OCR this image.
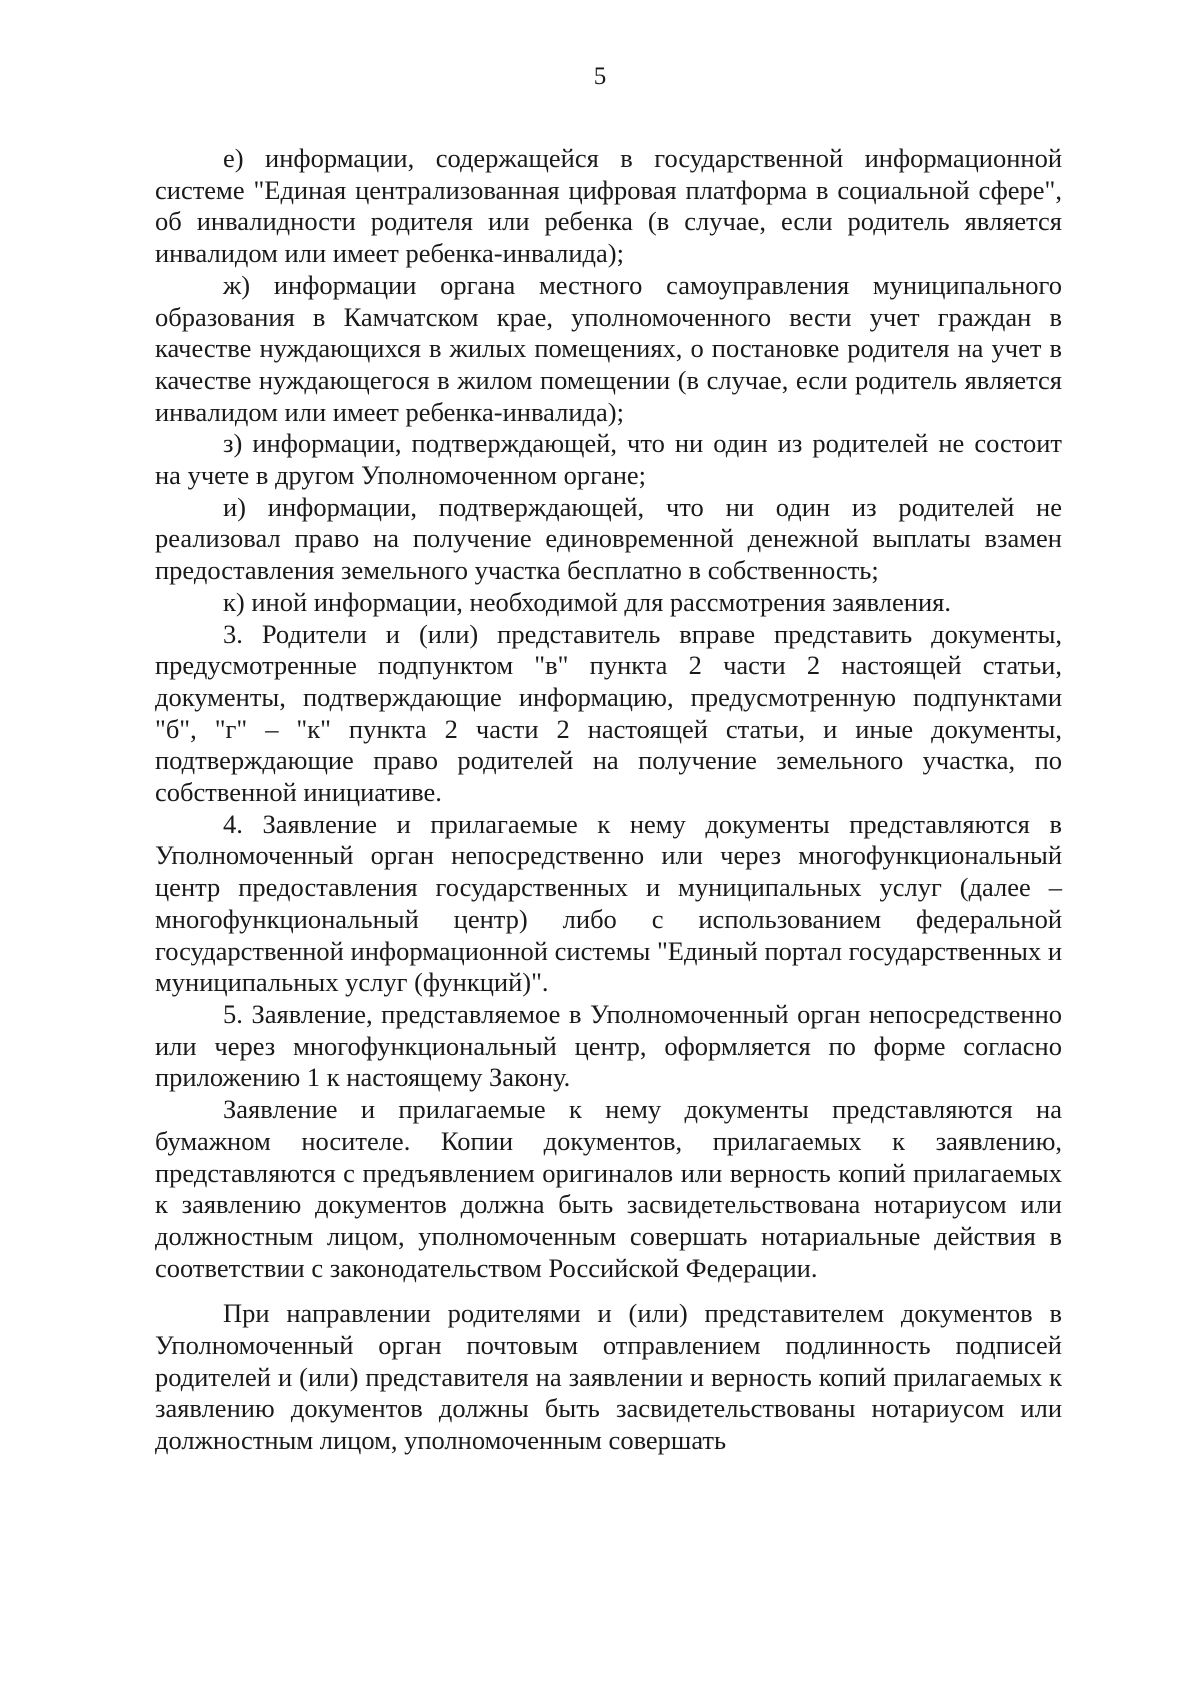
5

е) информации, содержащейся в государственной информационной системе "Единая централизованная цифровая платформа в социальной сфере", об инвалидности родителя или ребенка (в случае, если родитель является инвалидом или имеет ребенка-инвалида);

ж) информации органа местного самоуправления муниципального образования в Камчатском крае, уполномоченного вести учет граждан в качестве нуждающихся в жилых помещениях, о постановке родителя на учет в качестве нуждающегося в жилом помещении (в случае, если родитель является инвалидом или имеет ребенка-инвалида);

з) информации, подтверждающей, что ни один из родителей не состоит на учете в другом Уполномоченном органе;

и) информации, подтверждающей, что ни один из родителей не реализовал право на получение единовременной денежной выплаты взамен предоставления земельного участка бесплатно в собственность;

к) иной информации, необходимой для рассмотрения заявления.

3. Родители и (или) представитель вправе представить документы, предусмотренные подпунктом "в" пункта 2 части 2 настоящей статьи, документы, подтверждающие информацию, предусмотренную подпунктами "б", "г" – "к" пункта 2 части 2 настоящей статьи, и иные документы, подтверждающие право родителей на получение земельного участка, по собственной инициативе.

4. Заявление и прилагаемые к нему документы представляются в Уполномоченный орган непосредственно или через многофункциональный центр предоставления государственных и муниципальных услуг (далее – многофункциональный центр) либо с использованием федеральной государственной информационной системы "Единый портал государственных и муниципальных услуг (функций)".

5. Заявление, представляемое в Уполномоченный орган непосредственно или через многофункциональный центр, оформляется по форме согласно приложению 1 к настоящему Закону.

Заявление и прилагаемые к нему документы представляются на бумажном носителе. Копии документов, прилагаемых к заявлению, представляются с предъявлением оригиналов или верность копий прилагаемых к заявлению документов должна быть засвидетельствована нотариусом или должностным лицом, уполномоченным совершать нотариальные действия в соответствии с законодательством Российской Федерации.

При направлении родителями и (или) представителем документов в Уполномоченный орган почтовым отправлением подлинность подписей родителей и (или) представителя на заявлении и верность копий прилагаемых к заявлению документов должны быть засвидетельствованы нотариусом или должностным лицом, уполномоченным совершать
